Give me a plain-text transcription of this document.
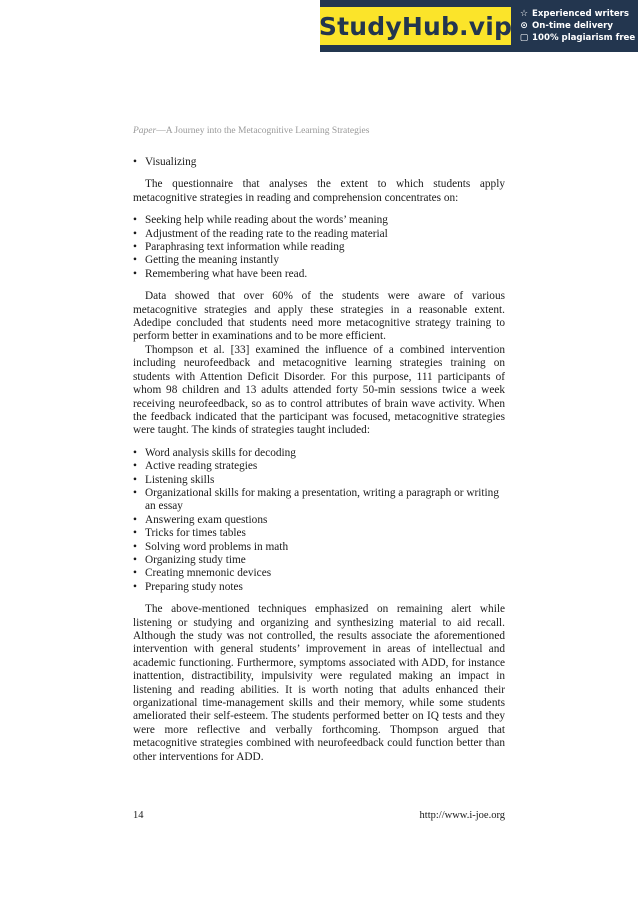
StudyHub.vip ☆ Experienced writers
⊙ On-time delivery
▢ 100% plagiarism free
Paper—A Journey into the Metacognitive Learning Strategies
• Visualizing

The questionnaire that analyses the extent to which students apply metacognitive strategies in reading and comprehension concentrates on:

• Seeking help while reading about the words’ meaning
• Adjustment of the reading rate to the reading material
• Paraphrasing text information while reading
• Getting the meaning instantly
• Remembering what have been read.

Data showed that over 60% of the students were aware of various metacognitive strategies and apply these strategies in a reasonable extent. Adedipe concluded that students need more metacognitive strategy training to perform better in examinations and to be more efficient.

Thompson et al. [33] examined the influence of a combined intervention including neurofeedback and metacognitive learning strategies training on students with Attention Deficit Disorder. For this purpose, 111 participants of whom 98 children and 13 adults attended forty 50-min sessions twice a week receiving neurofeedback, so as to control attributes of brain wave activity. When the feedback indicated that the participant was focused, metacognitive strategies were taught. The kinds of strategies taught included:

• Word analysis skills for decoding
• Active reading strategies
• Listening skills
• Organizational skills for making a presentation, writing a paragraph or writing an essay
• Answering exam questions
• Tricks for times tables
• Solving word problems in math
• Organizing study time
• Creating mnemonic devices
• Preparing study notes

The above-mentioned techniques emphasized on remaining alert while listening or studying and organizing and synthesizing material to aid recall. Although the study was not controlled, the results associate the aforementioned intervention with general students’ improvement in areas of intellectual and academic functioning. Furthermore, symptoms associated with ADD, for instance inattention, distractibility, impulsivity were regulated making an impact in listening and reading abilities. It is worth noting that adults enhanced their organizational time-management skills and their memory, while some students ameliorated their self-esteem. The students performed better on IQ tests and they were more reflective and verbally forthcoming. Thompson argued that metacognitive strategies combined with neurofeedback could function better than other interventions for ADD.

14	http://www.i-joe.org
